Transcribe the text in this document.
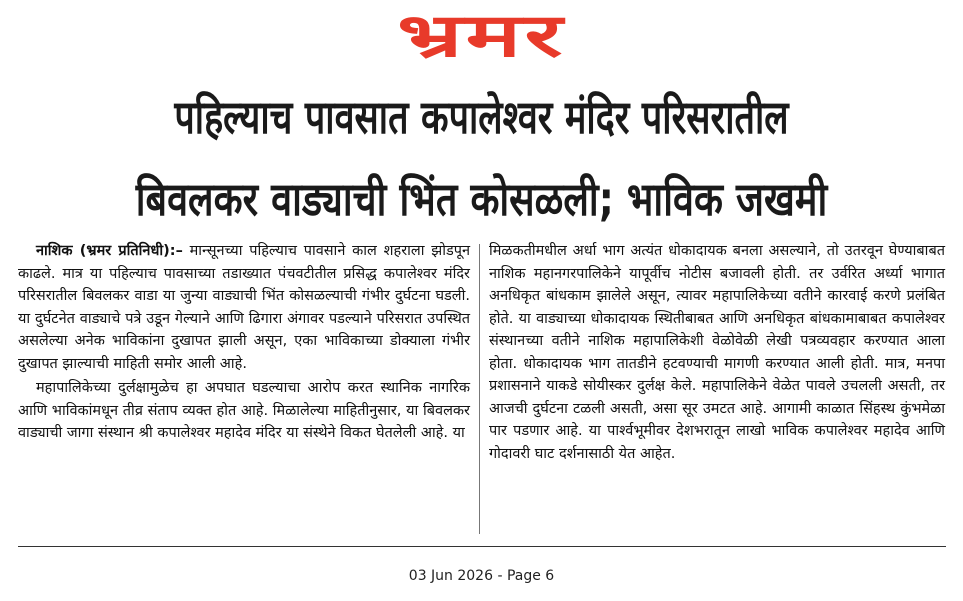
भ्रमर
पहिल्याच पावसात कपालेश्वर मंदिर परिसरातील
बिवलकर वाड्याची भिंत कोसळली; भाविक जखमी

नाशिक (भ्रमर प्रतिनिधी):– मान्सूनच्या पहिल्याच पावसाने काल शहराला झोडपून काढले. मात्र या पहिल्याच पावसाच्या तडाख्यात पंचवटीतील प्रसिद्ध कपालेश्वर मंदिर परिसरातील बिवलकर वाडा या जुन्या वाड्याची भिंत कोसळल्याची गंभीर दुर्घटना घडली. या दुर्घटनेत वाड्याचे पत्रे उडून गेल्याने आणि ढिगारा अंगावर पडल्याने परिसरात उपस्थित असलेल्या अनेक भाविकांना दुखापत झाली असून, एका भाविकाच्या डोक्याला गंभीर दुखापत झाल्याची माहिती समोर आली आहे.

महापालिकेच्या दुर्लक्षामुळेच हा अपघात घडल्याचा आरोप करत स्थानिक नागरिक आणि भाविकांमधून तीव्र संताप व्यक्त होत आहे. मिळालेल्या माहितीनुसार, या बिवलकर वाड्याची जागा संस्थान श्री कपालेश्वर महादेव मंदिर या संस्थेने विकत घेतलेली आहे. या

मिळकतीमधील अर्धा भाग अत्यंत धोकादायक बनला असल्याने, तो उतरवून घेण्याबाबत नाशिक महानगरपालिकेने यापूर्वीच नोटीस बजावली होती. तर उर्वरित अर्ध्या भागात अनधिकृत बांधकाम झालेले असून, त्यावर महापालिकेच्या वतीने कारवाई करणे प्रलंबित होते. या वाड्याच्या धोकादायक स्थितीबाबत आणि अनधिकृत बांधकामाबाबत कपालेश्वर संस्थानच्या वतीने नाशिक महापालिकेशी वेळोवेळी लेखी पत्रव्यवहार करण्यात आला होता. धोकादायक भाग तातडीने हटवण्याची मागणी करण्यात आली होती. मात्र, मनपा प्रशासनाने याकडे सोयीस्कर दुर्लक्ष केले. महापालिकेने वेळेत पावले उचलली असती, तर आजची दुर्घटना टळली असती, असा सूर उमटत आहे. आगामी काळात सिंहस्थ कुंभमेळा पार पडणार आहे. या पार्श्वभूमीवर देशभरातून लाखो भाविक कपालेश्वर महादेव आणि गोदावरी घाट दर्शनासाठी येत आहेत.

03 Jun 2026 - Page 6
